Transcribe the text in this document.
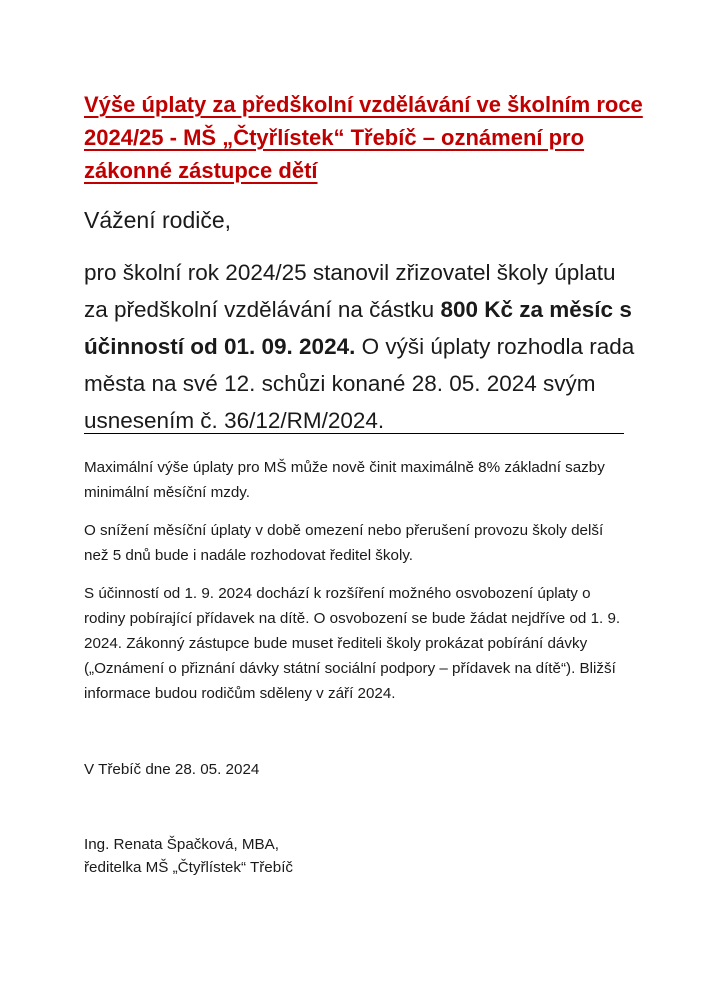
Výše úplaty za předškolní vzdělávání ve školním roce 2024/25 - MŠ „Čtyřlístek“ Třebíč – oznámení pro zákonné zástupce dětí

Vážení rodiče,

pro školní rok 2024/25 stanovil zřizovatel školy úplatu za předškolní vzdělávání na částku 800 Kč za měsíc s účinností od 01. 09. 2024. O výši úplaty rozhodla rada města na své 12. schůzi konané 28. 05. 2024 svým usnesením č. 36/12/RM/2024.

Maximální výše úplaty pro MŠ může nově činit maximálně 8% základní sazby minimální měsíční mzdy.

O snížení měsíční úplaty v době omezení nebo přerušení provozu školy delší než 5 dnů bude i nadále rozhodovat ředitel školy.

S účinností od 1. 9. 2024 dochází k rozšíření možného osvobození úplaty o rodiny pobírající přídavek na dítě. O osvobození se bude žádat nejdříve od 1. 9. 2024. Zákonný zástupce bude muset řediteli školy prokázat pobírání dávky („Oznámení o přiznání dávky státní sociální podpory – přídavek na dítě“). Bližší informace budou rodičům sděleny v září 2024.

V Třebíč dne 28. 05. 2024

Ing. Renata Špačková, MBA,
ředitelka MŠ „Čtyřlístek“ Třebíč
